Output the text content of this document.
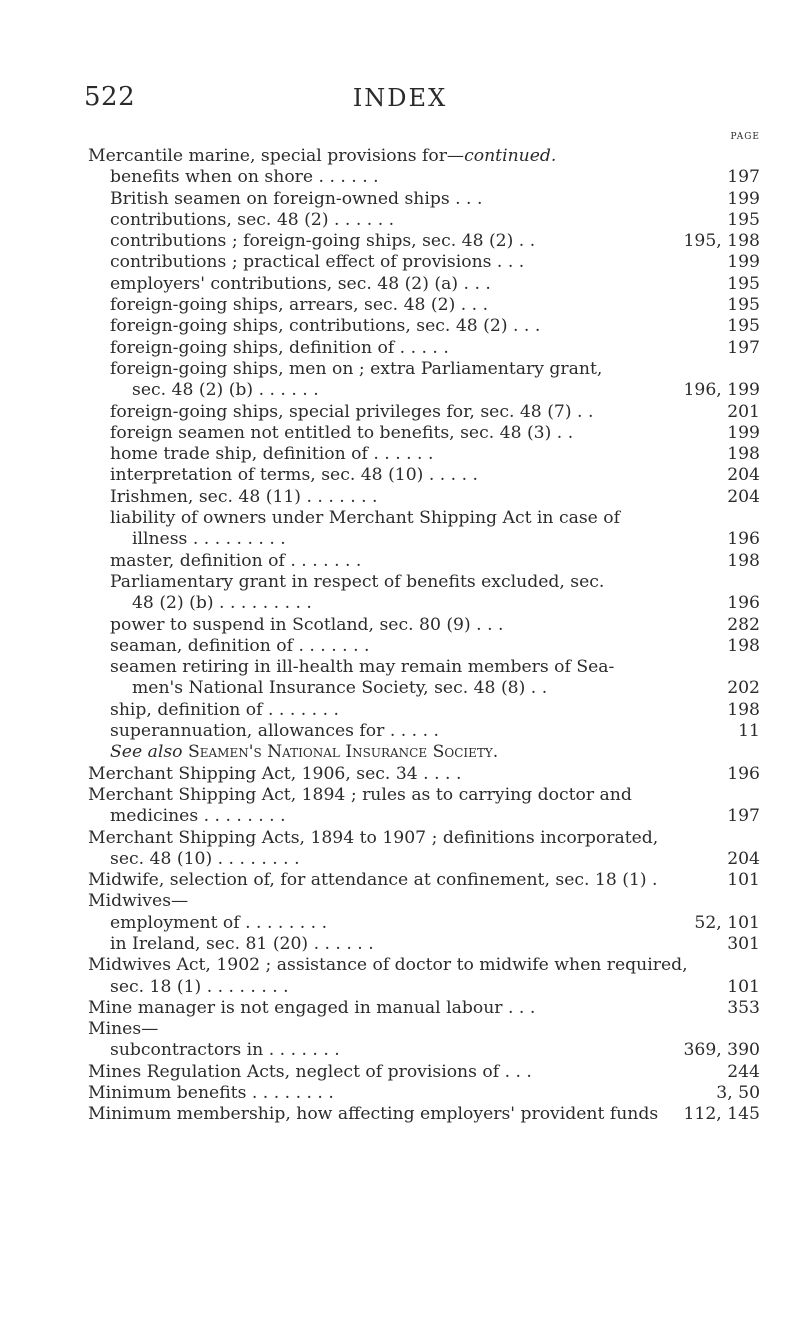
522	INDEX
PAGE
Mercantile marine, special provisions for—continued.
benefits when on shore . . . . . .	197
British seamen on foreign-owned ships . . .	199
contributions, sec. 48 (2) . . . . . .	195
contributions ; foreign-going ships, sec. 48 (2) . .	195, 198
contributions ; practical effect of provisions . . .	199
employers' contributions, sec. 48 (2) (a) . . .	195
foreign-going ships, arrears, sec. 48 (2) . . .	195
foreign-going ships, contributions, sec. 48 (2) . . .	195
foreign-going ships, definition of . . . . .	197
foreign-going ships, men on ; extra Parliamentary grant,
sec. 48 (2) (b) . . . . . .	196, 199
foreign-going ships, special privileges for, sec. 48 (7) . .	201
foreign seamen not entitled to benefits, sec. 48 (3) . .	199
home trade ship, definition of . . . . . .	198
interpretation of terms, sec. 48 (10) . . . . .	204
Irishmen, sec. 48 (11) . . . . . . .	204
liability of owners under Merchant Shipping Act in case of
illness . . . . . . . . .	196
master, definition of . . . . . . .	198
Parliamentary grant in respect of benefits excluded, sec.
48 (2) (b) . . . . . . . . .	196
power to suspend in Scotland, sec. 80 (9) . . .	282
seaman, definition of . . . . . . .	198
seamen retiring in ill-health may remain members of Sea-
men's National Insurance Society, sec. 48 (8) . .	202
ship, definition of . . . . . . .	198
superannuation, allowances for . . . . .	11
See also Seamen's National Insurance Society.
Merchant Shipping Act, 1906, sec. 34 . . . .	196
Merchant Shipping Act, 1894 ; rules as to carrying doctor and
medicines . . . . . . . .	197
Merchant Shipping Acts, 1894 to 1907 ; definitions incorporated,
sec. 48 (10) . . . . . . . .	204
Midwife, selection of, for attendance at confinement, sec. 18 (1) .	101
Midwives—
employment of . . . . . . . .	52, 101
in Ireland, sec. 81 (20) . . . . . .	301
Midwives Act, 1902 ; assistance of doctor to midwife when required,
sec. 18 (1) . . . . . . . .	101
Mine manager is not engaged in manual labour . . .	353
Mines—
subcontractors in . . . . . . .	369, 390
Mines Regulation Acts, neglect of provisions of . . .	244
Minimum benefits . . . . . . . .	3, 50
Minimum membership, how affecting employers' provident funds 112, 145
